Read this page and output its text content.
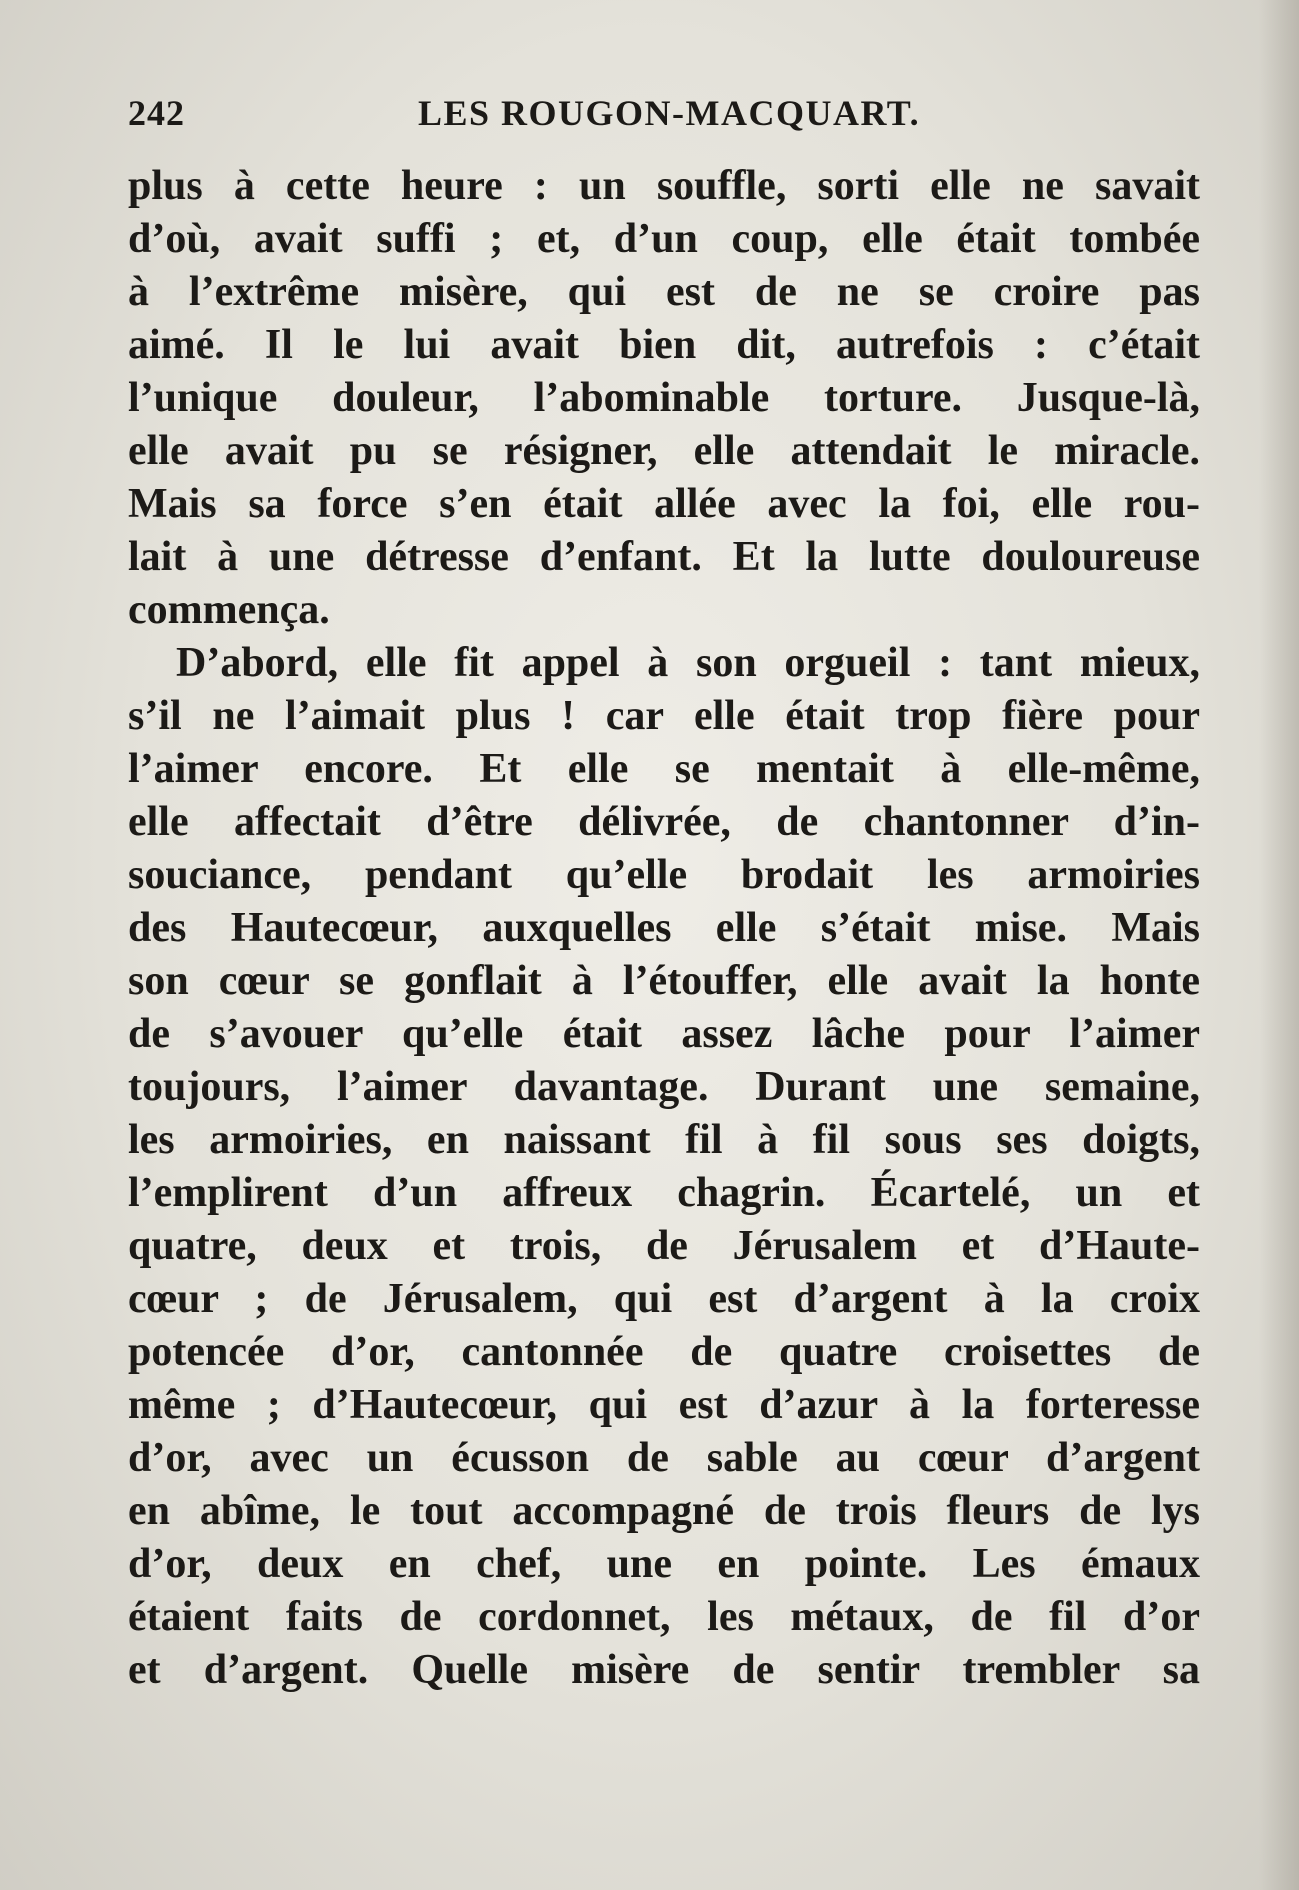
242	LES ROUGON-MACQUART.
plus à cette heure : un souffle, sorti elle ne savait
d’où, avait suffi ; et, d’un coup, elle était tombée
à l’extrême misère, qui est de ne se croire pas
aimé. Il le lui avait bien dit, autrefois : c’était
l’unique douleur, l’abominable torture. Jusque-là,
elle avait pu se résigner, elle attendait le miracle.
Mais sa force s’en était allée avec la foi, elle rou-
lait à une détresse d’enfant. Et la lutte douloureuse
commença.
D’abord, elle fit appel à son orgueil : tant mieux,
s’il ne l’aimait plus ! car elle était trop fière pour
l’aimer encore. Et elle se mentait à elle-même,
elle affectait d’être délivrée, de chantonner d’in-
souciance, pendant qu’elle brodait les armoiries
des Hautecœur, auxquelles elle s’était mise. Mais
son cœur se gonflait à l’étouffer, elle avait la honte
de s’avouer qu’elle était assez lâche pour l’aimer
toujours, l’aimer davantage. Durant une semaine,
les armoiries, en naissant fil à fil sous ses doigts,
l’emplirent d’un affreux chagrin. Écartelé, un et
quatre, deux et trois, de Jérusalem et d’Haute-
cœur ; de Jérusalem, qui est d’argent à la croix
potencée d’or, cantonnée de quatre croisettes de
même ; d’Hautecœur, qui est d’azur à la forteresse
d’or, avec un écusson de sable au cœur d’argent
en abîme, le tout accompagné de trois fleurs de lys
d’or, deux en chef, une en pointe. Les émaux
étaient faits de cordonnet, les métaux, de fil d’or
et d’argent. Quelle misère de sentir trembler sa
